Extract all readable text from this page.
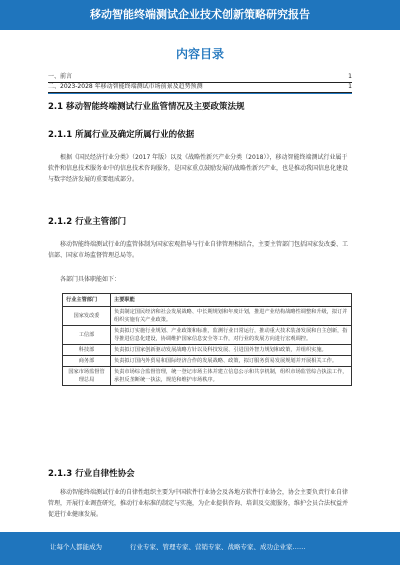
移动智能终端测试企业技术创新策略研究报告
内容目录
一、前言	1
二、2023-2028 年移动智能终端测试市场前景及趋势预测	1
2.1 移动智能终端测试行业监管情况及主要政策法规
2.1.1 所属行业及确定所属行业的依据
根据《国民经济行业分类》（2017 年版）以及《战略性新兴产业分类（2018）》，移动智能终端测试行业属于软件和信息技术服务业中的信息技术咨询服务，是国家重点鼓励发展的战略性新兴产业，也是推动我国信息化建设与数字经济发展的重要组成部分。
2.1.2 行业主管部门
移动智能终端测试行业的监管体制为国家宏观指导与行业自律管理相结合，主要主管部门包括国家发改委、工信部、国家市场监督管理总局等。
各部门具体职能如下：
行业主管部门	主要职能
国家发改委	负责制定国民经济和社会发展战略、中长期规划和年度计划，推进产业结构战略性调整和升级，拟订并组织实施有关产业政策。
工信部	负责拟订实施行业规划、产业政策和标准，监测行业日常运行，推动重大技术装备发展和自主创新，指导推进信息化建设，协调维护国家信息安全等工作，对行业的发展方向进行宏观调控。
科技部	负责拟订国家创新驱动发展战略方针以及科技发展、引进国外智力规划和政策，并组织实施。
商务部	负责拟订国内外贸易和国际经济合作的发展战略、政策，拟订服务贸易发展规划并开展相关工作。
国家市场监督管理总局	负责市场综合监督管理，统一登记市场主体并建立信息公示和共享机制，组织市场监管综合执法工作，承担反垄断统一执法，规范和维护市场秩序。
2.1.3 行业自律性协会
移动智能终端测试行业的自律性组织主要为中国软件行业协会及各地方软件行业协会，协会主要负责行业自律管理，开展行业调查研究，推动行业标准的制定与实施，为企业提供咨询、培训及交流服务，维护会员合法权益并促进行业健康发展。
让每个人都能成为	行业专家、管理专家、营销专家、战略专家、成功企业家……
